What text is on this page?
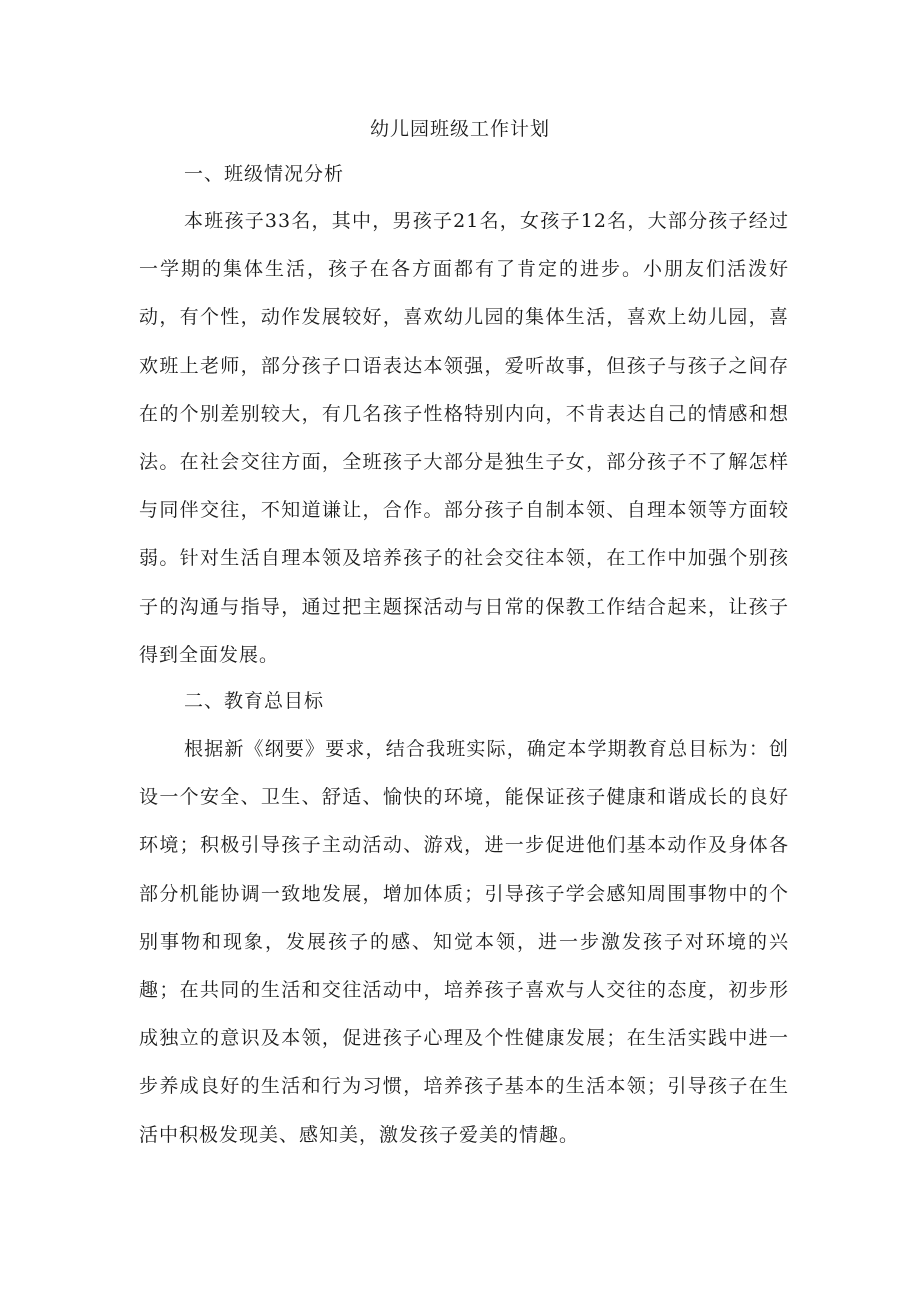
幼儿园班级工作计划
一、班级情况分析
本班孩子33名，其中，男孩子21名，女孩子12名，大部分孩子经过一学期的集体生活，孩子在各方面都有了肯定的进步。小朋友们活泼好动，有个性，动作发展较好，喜欢幼儿园的集体生活，喜欢上幼儿园，喜欢班上老师，部分孩子口语表达本领强，爱听故事，但孩子与孩子之间存在的个别差别较大，有几名孩子性格特别内向，不肯表达自己的情感和想法。在社会交往方面，全班孩子大部分是独生子女，部分孩子不了解怎样与同伴交往，不知道谦让，合作。部分孩子自制本领、自理本领等方面较弱。针对生活自理本领及培养孩子的社会交往本领，在工作中加强个别孩子的沟通与指导，通过把主题探活动与日常的保教工作结合起来，让孩子得到全面发展。
二、教育总目标
根据新《纲要》要求，结合我班实际，确定本学期教育总目标为：创设一个安全、卫生、舒适、愉快的环境，能保证孩子健康和谐成长的良好环境；积极引导孩子主动活动、游戏，进一步促进他们基本动作及身体各部分机能协调一致地发展，增加体质；引导孩子学会感知周围事物中的个别事物和现象，发展孩子的感、知觉本领，进一步激发孩子对环境的兴趣；在共同的生活和交往活动中，培养孩子喜欢与人交往的态度，初步形成独立的意识及本领，促进孩子心理及个性健康发展；在生活实践中进一步养成良好的生活和行为习惯，培养孩子基本的生活本领；引导孩子在生活中积极发现美、感知美，激发孩子爱美的情趣。
